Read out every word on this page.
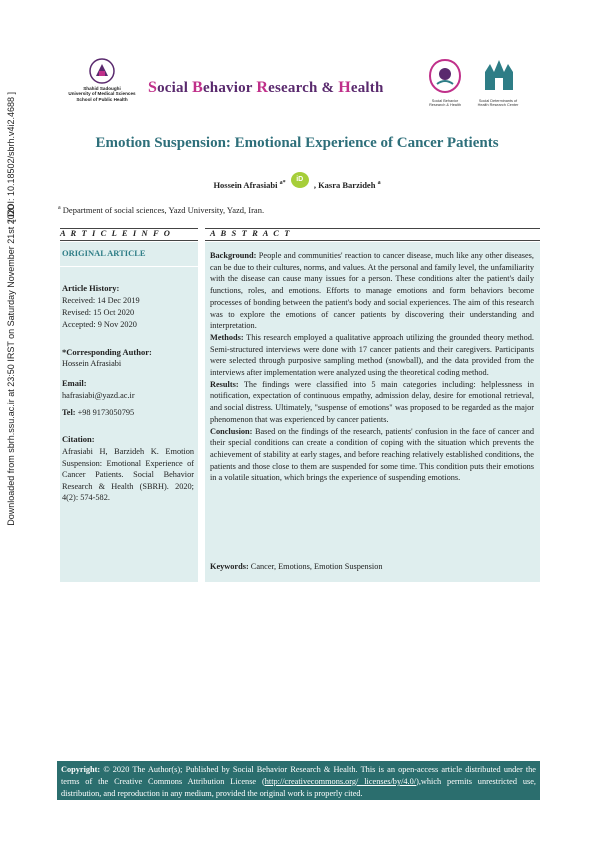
Downloaded from sbrh.ssu.ac.ir at 23:50 IRST on Saturday November 21st 2020
[ DOI: 10.18502/sbrh.v4i2.4688 ]
Shahid Sadoughi
University of Medical Sciences
School of Public Health
Social Behavior Research & Health
Social Behavior
Research & Health
Social Determinants of
Health Research Center
Emotion Suspension: Emotional Experience of Cancer Patients
Hossein Afrasiabi $^{a*}$ iD , Kasra Barzideh $^a$
$^a$ Department of social sciences, Yazd University, Yazd, Iran.
A R T I C L E I N F O	A B S T R A C T
ORIGINAL ARTICLE
Article History:
Received: 14 Dec 2019
Revised: 15 Oct 2020
Accepted: 9 Nov 2020
*Corresponding Author:
Hossein Afrasiabi
Email:
hafrasiabi@yazd.ac.ir
Tel: +98 9173050795
Citation:
Afrasiabi H, Barzideh K. Emotion Suspension: Emotional Experience of Cancer Patients. Social Behavior Research & Health (SBRH). 2020; 4(2): 574-582.

Background: People and communities' reaction to cancer disease, much like any other diseases, can be due to their cultures, norms, and values. At the personal and family level, the unfamiliarity with the disease can cause many issues for a person. These conditions alter the patient's daily functions, roles, and emotions. Efforts to manage emotions and form behaviors become processes of bonding between the patient's body and social experiences. The aim of this research was to explore the emotions of cancer patients by discovering their understanding and interpretation.

Methods: This research employed a qualitative approach utilizing the grounded theory method. Semi-structured interviews were done with 17 cancer patients and their caregivers. Participants were selected through purposive sampling method (snowball), and the data provided from the interviews after implementation were analyzed using the theoretical coding method.

Results: The findings were classified into 5 main categories including: helplessness in notification, expectation of continuous empathy, admission delay, desire for emotional retrieval, and social distress. Ultimately, "suspense of emotions" was proposed to be regarded as the major phenomenon that was experienced by cancer patients.

Conclusion: Based on the findings of the research, patients' confusion in the face of cancer and their special conditions can create a condition of coping with the situation which prevents the achievement of stability at early stages, and before reaching relatively established conditions, the patients and those close to them are suspended for some time. This condition puts their emotions in a volatile situation, which brings the experience of suspending emotions.

Keywords: Cancer, Emotions, Emotion Suspension
Copyright: © 2020 The Author(s); Published by Social Behavior Research & Health. This is an open-access article distributed under the terms of the Creative Commons Attribution License (http://creativecommons.org/ licenses/by/4.0/),which permits unrestricted use, distribution, and reproduction in any medium, provided the original work is properly cited.
